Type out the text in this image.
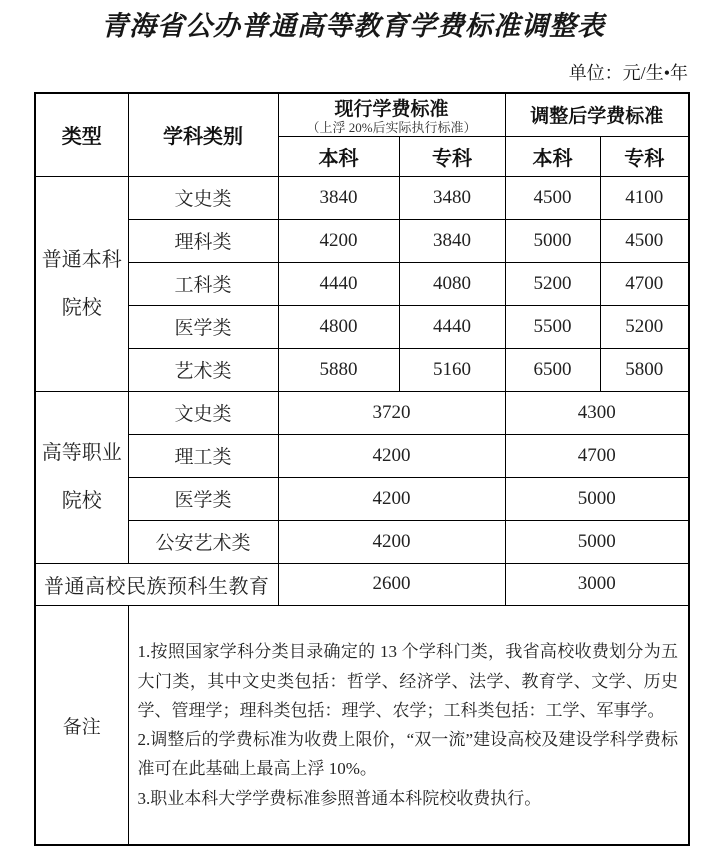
青海省公办普通高等教育学费标准调整表
单位：元/生•年
类型	学科类别	现行学费标准
（上浮 20%后实际执行标准）		调整后学费标准	
		本科	专科	本科	专科

普通本科
院校	文史类	3840	3480	4500	4100
	理科类	4200	3840	5000	4500
	工科类	4440	4080	5200	4700
	医学类	4800	4440	5500	5200
	艺术类	5880	5160	6500	5800

高等职业
院校	文史类	3720		4300	
	理工类	4200		4700	
	医学类	4200		5000	
	公安艺术类	4200		5000	
普通高校民族预科生教育		2600		3000	
备注	1.按照国家学科分类目录确定的 13 个学科门类，我省高校收费划分为五大门类，其中文史类包括：哲学、经济学、法学、教育学、文学、历史学、管理学；理科类包括：理学、农学；工科类包括：工学、军事学。
2.调整后的学费标准为收费上限价，“双一流”建设高校及建设学科学费标准可在此基础上最高上浮 10%。
3.职业本科大学学费标准参照普通本科院校收费执行。				
